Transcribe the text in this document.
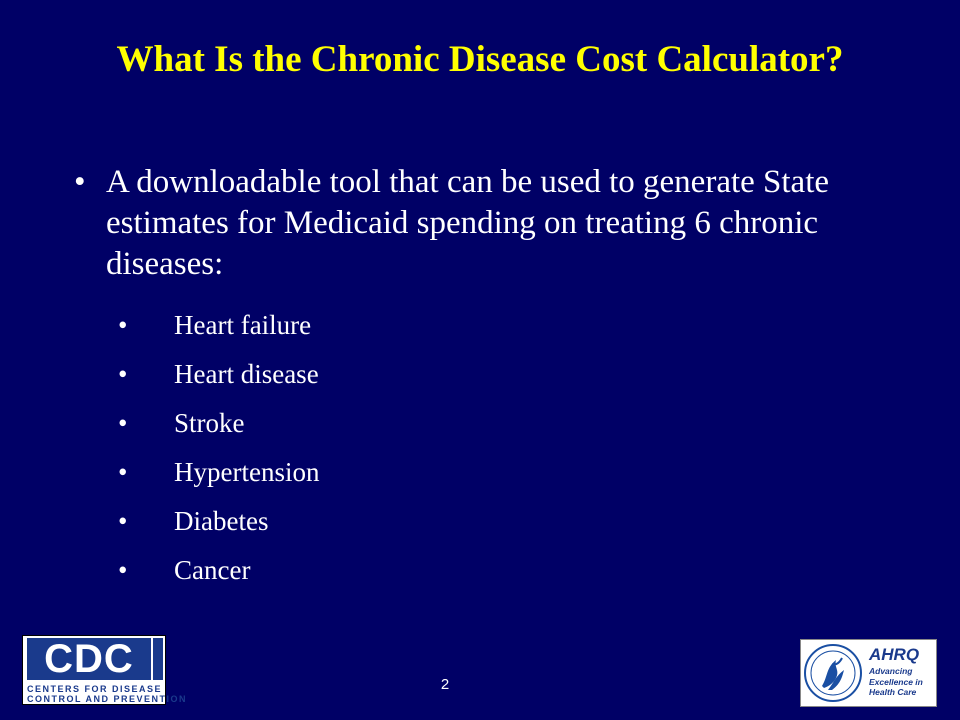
What Is the Chronic Disease Cost Calculator?
• A downloadable tool that can be used to generate State estimates for Medicaid spending on treating 6 chronic diseases:
• Heart failure
• Heart disease
• Stroke
• Hypertension
• Diabetes
• Cancer
2
CDC
CENTERS FOR DISEASE
CONTROL AND PREVENTION
AHRQ
Advancing Excellence in Health Care
